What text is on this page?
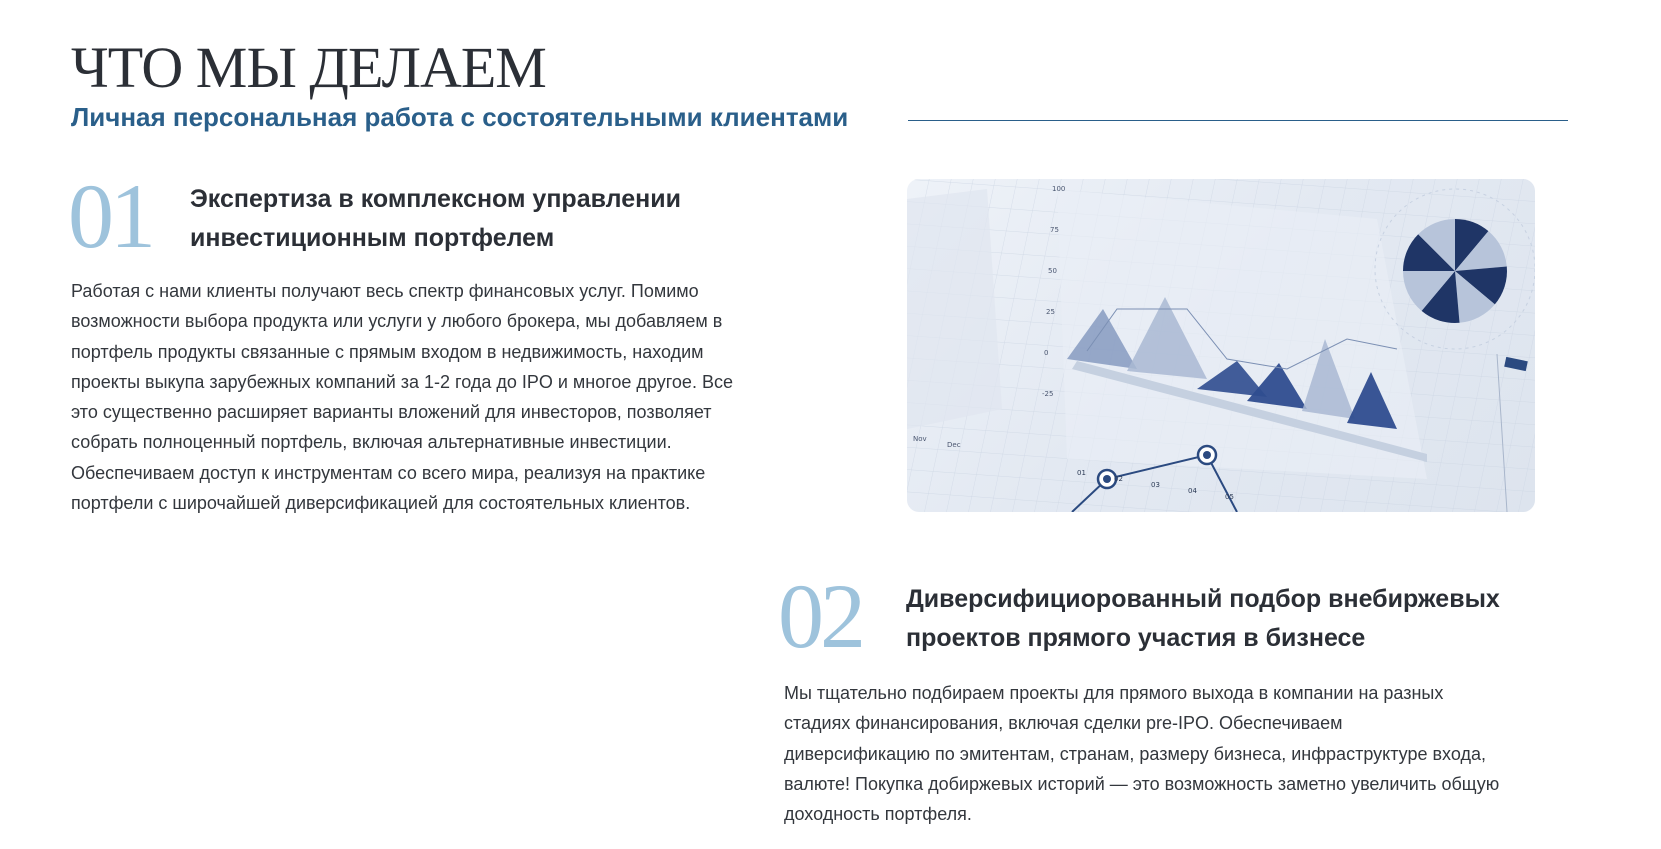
ЧТО МЫ ДЕЛАЕМ
Личная персональная работа с состоятельными клиентами
01 Экспертиза в комплексном управлении
инвестиционным портфелем

Работая с нами клиенты получают весь спектр финансовых услуг. Помимо
возможности выбора продукта или услуги у любого брокера, мы добавляем в
портфель продукты связанные с прямым входом в недвижимость, находим
проекты выкупа зарубежных компаний за 1-2 года до IPO и многое другое. Все
это существенно расширяет варианты вложений для инвесторов, позволяет
собрать полноценный портфель, включая альтернативные инвестиции.
Обеспечиваем доступ к инструментам со всего мира, реализуя на практике
портфели с широчайшей диверсификацией для состоятельных клиентов.

100
75
50
25
0
-25
Nov
Dec
01
02
03
04
05
02 Диверсифициорованный подбор внебиржевых
проектов прямого участия в бизнесе

Мы тщательно подбираем проекты для прямого выхода в компании на разных
стадиях финансирования, включая сделки pre-IPO. Обеспечиваем
диверсификацию по эмитентам, странам, размеру бизнеса, инфраструктуре входа,
валюте! Покупка добиржевых историй — это возможность заметно увеличить общую
доходность портфеля.
